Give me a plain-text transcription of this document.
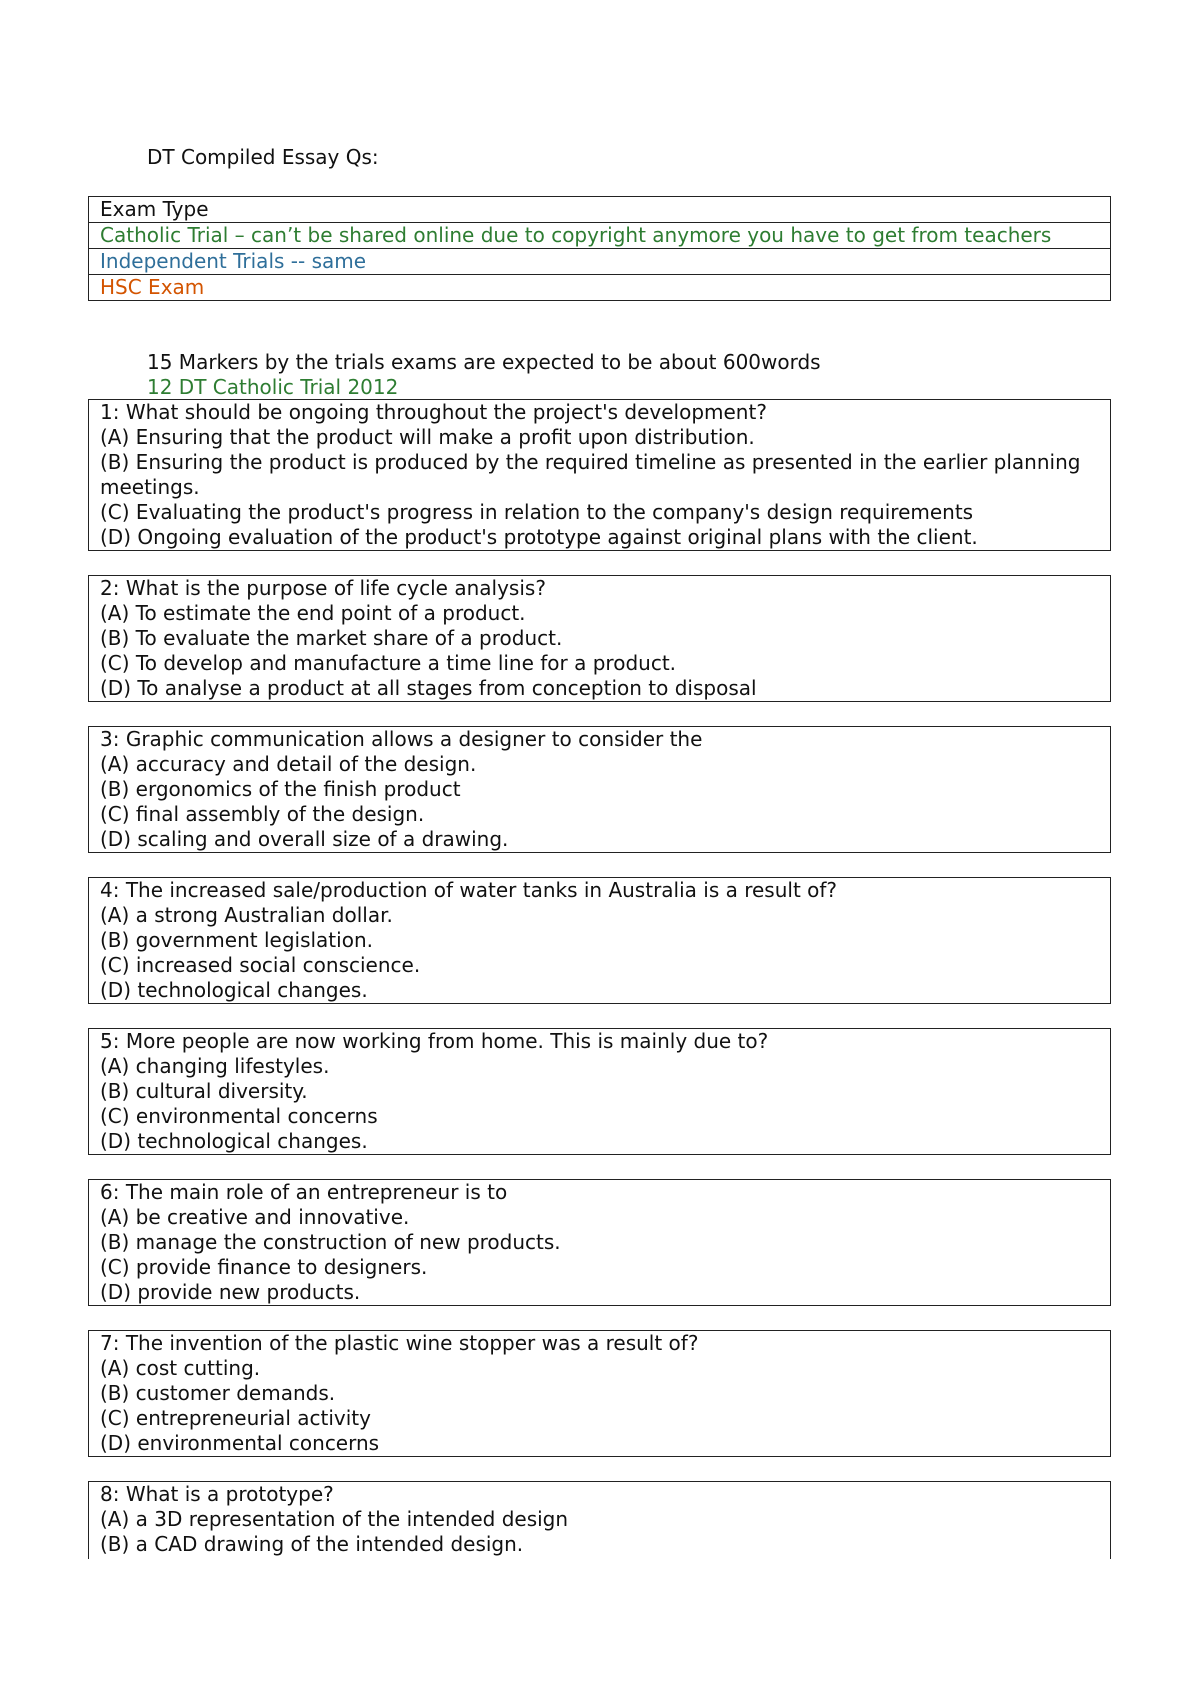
DT Compiled Essay Qs:
Exam Type
Catholic Trial – can’t be shared online due to copyright anymore you have to get from teachers
Independent Trials -- same
HSC Exam
15 Markers by the trials exams are expected to be about 600words
12 DT Catholic Trial 2012
1: What should be ongoing throughout the project's development?
(A) Ensuring that the product will make a profit upon distribution.
(B) Ensuring the product is produced by the required timeline as presented in the earlier planning meetings.
(C) Evaluating the product's progress in relation to the company's design requirements
(D) Ongoing evaluation of the product's prototype against original plans with the client.
2: What is the purpose of life cycle analysis?
(A) To estimate the end point of a product.
(B) To evaluate the market share of a product.
(C) To develop and manufacture a time line for a product.
(D) To analyse a product at all stages from conception to disposal
3: Graphic communication allows a designer to consider the
(A) accuracy and detail of the design.
(B) ergonomics of the finish product
(C) final assembly of the design.
(D) scaling and overall size of a drawing.
4: The increased sale/production of water tanks in Australia is a result of?
(A) a strong Australian dollar.
(B) government legislation.
(C) increased social conscience.
(D) technological changes.
5: More people are now working from home. This is mainly due to?
(A) changing lifestyles.
(B) cultural diversity.
(C) environmental concerns
(D) technological changes.
6: The main role of an entrepreneur is to
(A) be creative and innovative.
(B) manage the construction of new products.
(C) provide finance to designers.
(D) provide new products.
7: The invention of the plastic wine stopper was a result of?
(A) cost cutting.
(B) customer demands.
(C) entrepreneurial activity
(D) environmental concerns
8: What is a prototype?
(A) a 3D representation of the intended design
(B) a CAD drawing of the intended design.
